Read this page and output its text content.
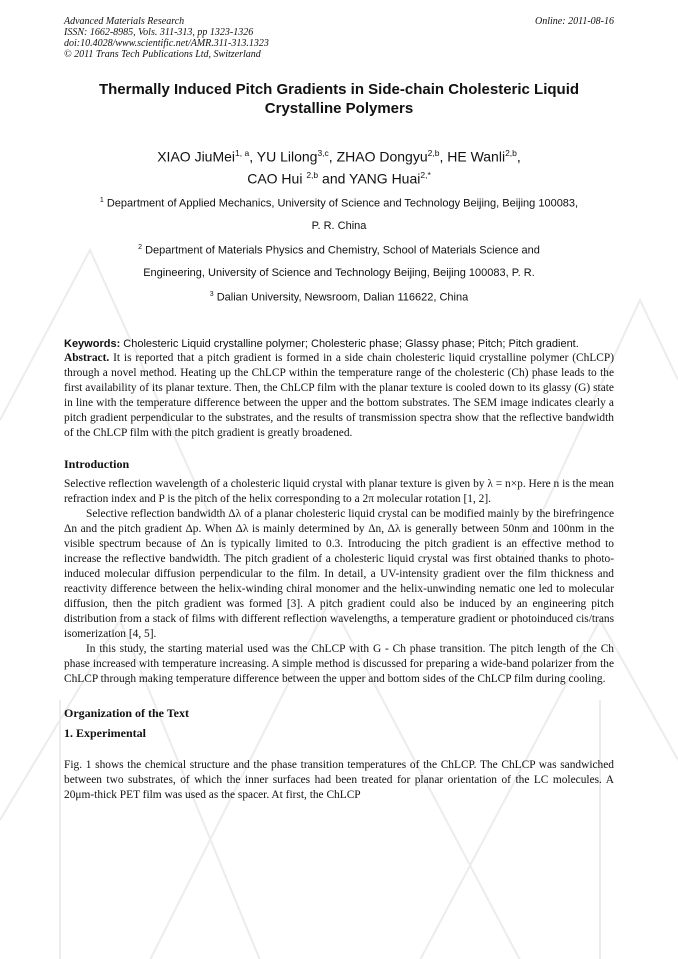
Advanced Materials Research
ISSN: 1662-8985, Vols. 311-313, pp 1323-1326
doi:10.4028/www.scientific.net/AMR.311-313.1323
© 2011 Trans Tech Publications Ltd, Switzerland
Online: 2011-08-16
Thermally Induced Pitch Gradients in Side-chain Cholesteric Liquid
Crystalline Polymers
XIAO JiuMei$^{1, a}$, YU Lilong$^{3,c}$, ZHAO Dongyu$^{2,b}$, HE Wanli$^{2,b}$,
CAO Hui $^{2,b}$ and YANG Huai$^{2,*}$
$^1$ Department of Applied Mechanics, University of Science and Technology Beijing, Beijing 100083,
P. R. China
$^2$ Department of Materials Physics and Chemistry, School of Materials Science and
Engineering, University of Science and Technology Beijing, Beijing 100083, P. R.
$^3$ Dalian University, Newsroom, Dalian 116622, China
Keywords: Cholesteric Liquid crystalline polymer; Cholesteric phase; Glassy phase; Pitch; Pitch gradient.

Abstract. It is reported that a pitch gradient is formed in a side chain cholesteric liquid crystalline polymer (ChLCP) through a novel method. Heating up the ChLCP within the temperature range of the cholesteric (Ch) phase leads to the first availability of its planar texture. Then, the ChLCP film with the planar texture is cooled down to its glassy (G) state in line with the temperature difference between the upper and the bottom substrates. The SEM image indicates clearly a pitch gradient perpendicular to the substrates, and the results of transmission spectra show that the reflective bandwidth of the ChLCP film with the pitch gradient is greatly broadened.

Introduction

Selective reflection wavelength of a cholesteric liquid crystal with planar texture is given by λ = n×p. Here n is the mean refraction index and P is the pitch of the helix corresponding to a 2π molecular rotation [1, 2].

Selective reflection bandwidth Δλ of a planar cholesteric liquid crystal can be modified mainly by the birefringence Δn and the pitch gradient Δp. When Δλ is mainly determined by Δn, Δλ is generally between 50nm and 100nm in the visible spectrum because of Δn is typically limited to 0.3. Introducing the pitch gradient is an effective method to increase the reflective bandwidth. The pitch gradient of a cholesteric liquid crystal was first obtained thanks to photo-induced molecular diffusion perpendicular to the film. In detail, a UV-intensity gradient over the film thickness and reactivity difference between the helix-winding chiral monomer and the helix-unwinding nematic one led to molecular diffusion, then the pitch gradient was formed [3]. A pitch gradient could also be induced by an engineering pitch distribution from a stack of films with different reflection wavelengths, a temperature gradient or photoinduced cis/trans isomerization [4, 5].

In this study, the starting material used was the ChLCP with G - Ch phase transition. The pitch length of the Ch phase increased with temperature increasing. A simple method is discussed for preparing a wide-band polarizer from the ChLCP through making temperature difference between the upper and bottom sides of the ChLCP film during cooling.

Organization of the Text
1. Experimental

Fig. 1 shows the chemical structure and the phase transition temperatures of the ChLCP. The ChLCP was sandwiched between two substrates, of which the inner surfaces had been treated for planar orientation of the LC molecules. A 20μm-thick PET film was used as the spacer. At first, the ChLCP
